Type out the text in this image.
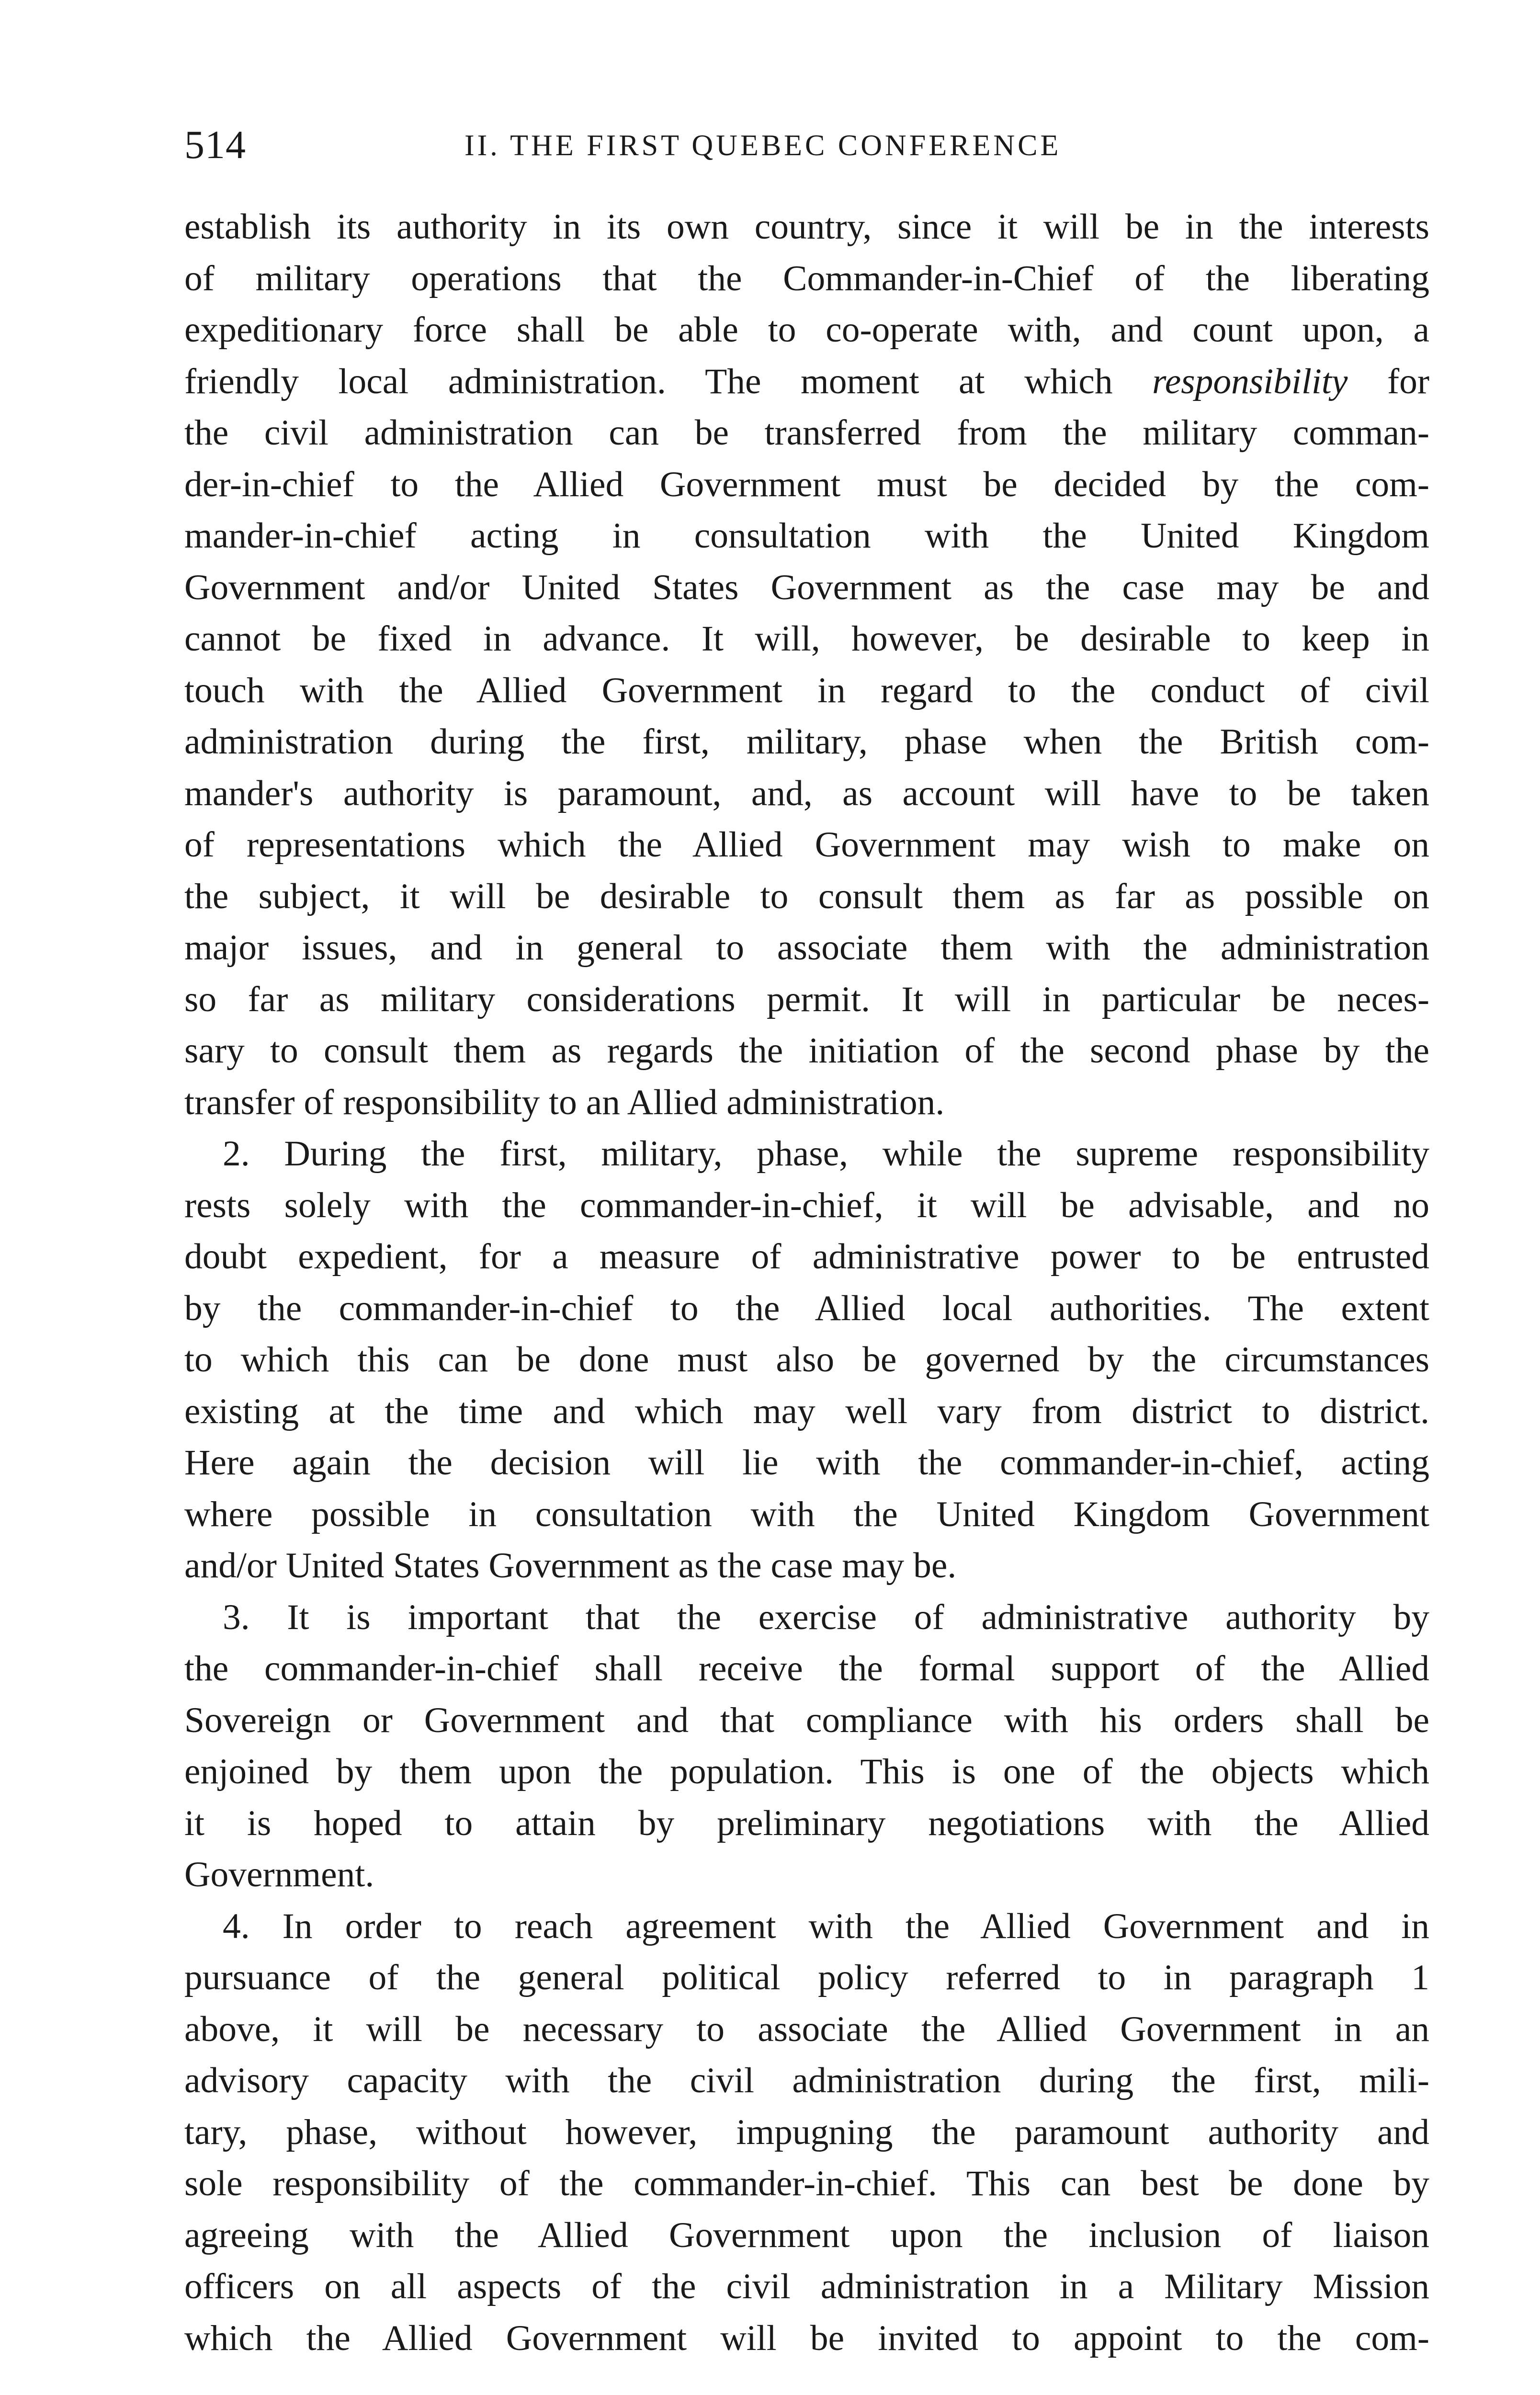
514	II. THE FIRST QUEBEC CONFERENCE

establish its authority in its own country, since it will be in the interests
of military operations that the Commander-in-Chief of the liberating
expeditionary force shall be able to co-operate with, and count upon, a
friendly local administration. The moment at which responsibility for
the civil administration can be transferred from the military comman-
der-in-chief to the Allied Government must be decided by the com-
mander-in-chief acting in consultation with the United Kingdom
Government and/or United States Government as the case may be and
cannot be fixed in advance. It will, however, be desirable to keep in
touch with the Allied Government in regard to the conduct of civil
administration during the first, military, phase when the British com-
mander's authority is paramount, and, as account will have to be taken
of representations which the Allied Government may wish to make on
the subject, it will be desirable to consult them as far as possible on
major issues, and in general to associate them with the administration
so far as military considerations permit. It will in particular be neces-
sary to consult them as regards the initiation of the second phase by the
transfer of responsibility to an Allied administration.

2. During the first, military, phase, while the supreme responsibility
rests solely with the commander-in-chief, it will be advisable, and no
doubt expedient, for a measure of administrative power to be entrusted
by the commander-in-chief to the Allied local authorities. The extent
to which this can be done must also be governed by the circumstances
existing at the time and which may well vary from district to district.
Here again the decision will lie with the commander-in-chief, acting
where possible in consultation with the United Kingdom Government
and/or United States Government as the case may be.

3. It is important that the exercise of administrative authority by
the commander-in-chief shall receive the formal support of the Allied
Sovereign or Government and that compliance with his orders shall be
enjoined by them upon the population. This is one of the objects which
it is hoped to attain by preliminary negotiations with the Allied
Government.

4. In order to reach agreement with the Allied Government and in
pursuance of the general political policy referred to in paragraph 1
above, it will be necessary to associate the Allied Government in an
advisory capacity with the civil administration during the first, mili-
tary, phase, without however, impugning the paramount authority and
sole responsibility of the commander-in-chief. This can best be done by
agreeing with the Allied Government upon the inclusion of liaison
officers on all aspects of the civil administration in a Military Mission
which the Allied Government will be invited to appoint to the com-
